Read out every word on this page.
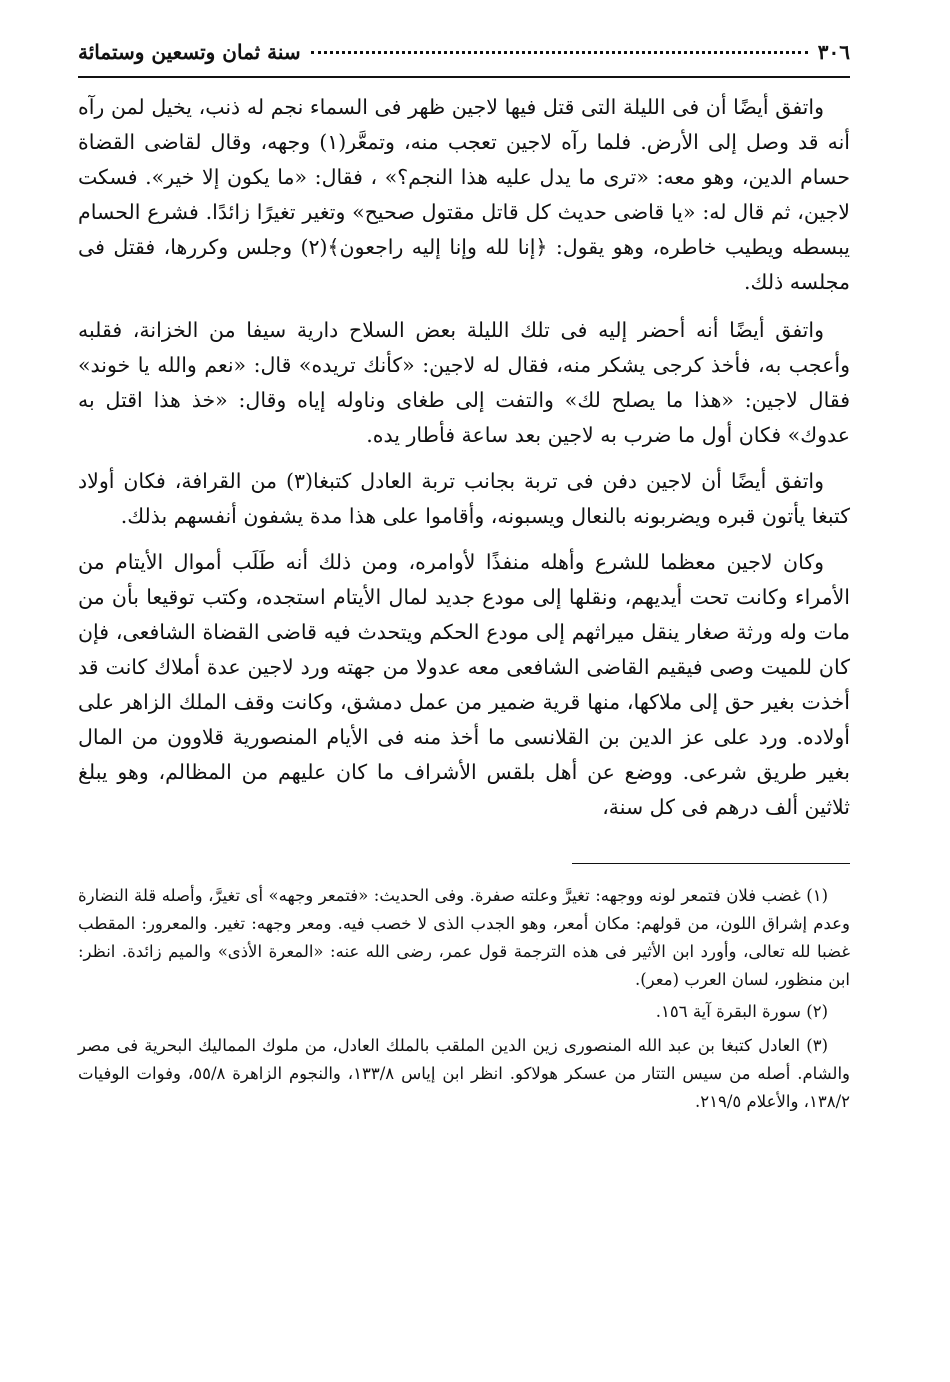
٣٠٦
سنة ثمان وتسعين وستمائة

واتفق أيضًا أن فى الليلة التى قتل فيها لاجين ظهر فى السماء نجم له ذنب، يخيل لمن رآه أنه قد وصل إلى الأرض. فلما رآه لاجين تعجب منه، وتمعَّر(١) وجهه، وقال لقاضى القضاة حسام الدين، وهو معه: «ترى ما يدل عليه هذا النجم؟» ، فقال: «ما يكون إلا خير». فسكت لاجين، ثم قال له: «يا قاضى حديث كل قاتل مقتول صحيح» وتغير تغيرًا زائدًا. فشرع الحسام يبسطه ويطيب خاطره، وهو يقول: ﴿إنا لله وإنا إليه راجعون﴾(٢) وجلس وكررها، فقتل فى مجلسه ذلك.

واتفق أيضًا أنه أحضر إليه فى تلك الليلة بعض السلاح دارية سيفا من الخزانة، فقلبه وأعجب به، فأخذ كرجى يشكر منه، فقال له لاجين: «كأنك تريده» قال: «نعم والله يا خوند» فقال لاجين: «هذا ما يصلح لك» والتفت إلى طغاى وناوله إياه وقال: «خذ هذا اقتل به عدوك» فكان أول ما ضرب به لاجين بعد ساعة فأطار يده.

واتفق أيضًا أن لاجين دفن فى تربة بجانب تربة العادل كتبغا(٣) من القرافة، فكان أولاد كتبغا يأتون قبره ويضربونه بالنعال ويسبونه، وأقاموا على هذا مدة يشفون أنفسهم بذلك.

وكان لاجين معظما للشرع وأهله منفذًا لأوامره، ومن ذلك أنه طَلَب أموال الأيتام من الأمراء وكانت تحت أيديهم، ونقلها إلى مودع جديد لمال الأيتام استجده، وكتب توقيعا بأن من مات وله ورثة صغار ينقل ميراثهم إلى مودع الحكم ويتحدث فيه قاضى القضاة الشافعى، فإن كان للميت وصى فيقيم القاضى الشافعى معه عدولا من جهته ورد لاجين عدة أملاك كانت قد أخذت بغير حق إلى ملاكها، منها قرية ضمير من عمل دمشق، وكانت وقف الملك الزاهر على أولاده. ورد على عز الدين بن القلانسى ما أخذ منه فى الأيام المنصورية قلاوون من المال بغير طريق شرعى. ووضع عن أهل بلقس الأشراف ما كان عليهم من المظالم، وهو يبلغ ثلاثين ألف درهم فى كل سنة،

(١) غضب فلان فتمعر لونه ووجهه: تغيرَّ وعلته صفرة. وفى الحديث: «فتمعر وجهه» أى تغيرَّ، وأصله قلة النضارة وعدم إشراق اللون، من قولهم: مكان أمعر، وهو الجدب الذى لا خصب فيه. ومعر وجهه: تغير. والمعرور: المقطب غضبا لله تعالى، وأورد ابن الأثير فى هذه الترجمة قول عمر، رضى الله عنه: «المعرة الأذى» والميم زائدة. انظر: ابن منظور، لسان العرب (معر).

(٢) سورة البقرة آية ١٥٦.

(٣) العادل كتبغا بن عبد الله المنصورى زين الدين الملقب بالملك العادل، من ملوك المماليك البحرية فى مصر والشام. أصله من سيس التتار من عسكر هولاكو. انظر ابن إياس ١٣٣/٨، والنجوم الزاهرة ٥٥/٨، وفوات الوفيات ١٣٨/٢، والأعلام ٢١٩/٥.
